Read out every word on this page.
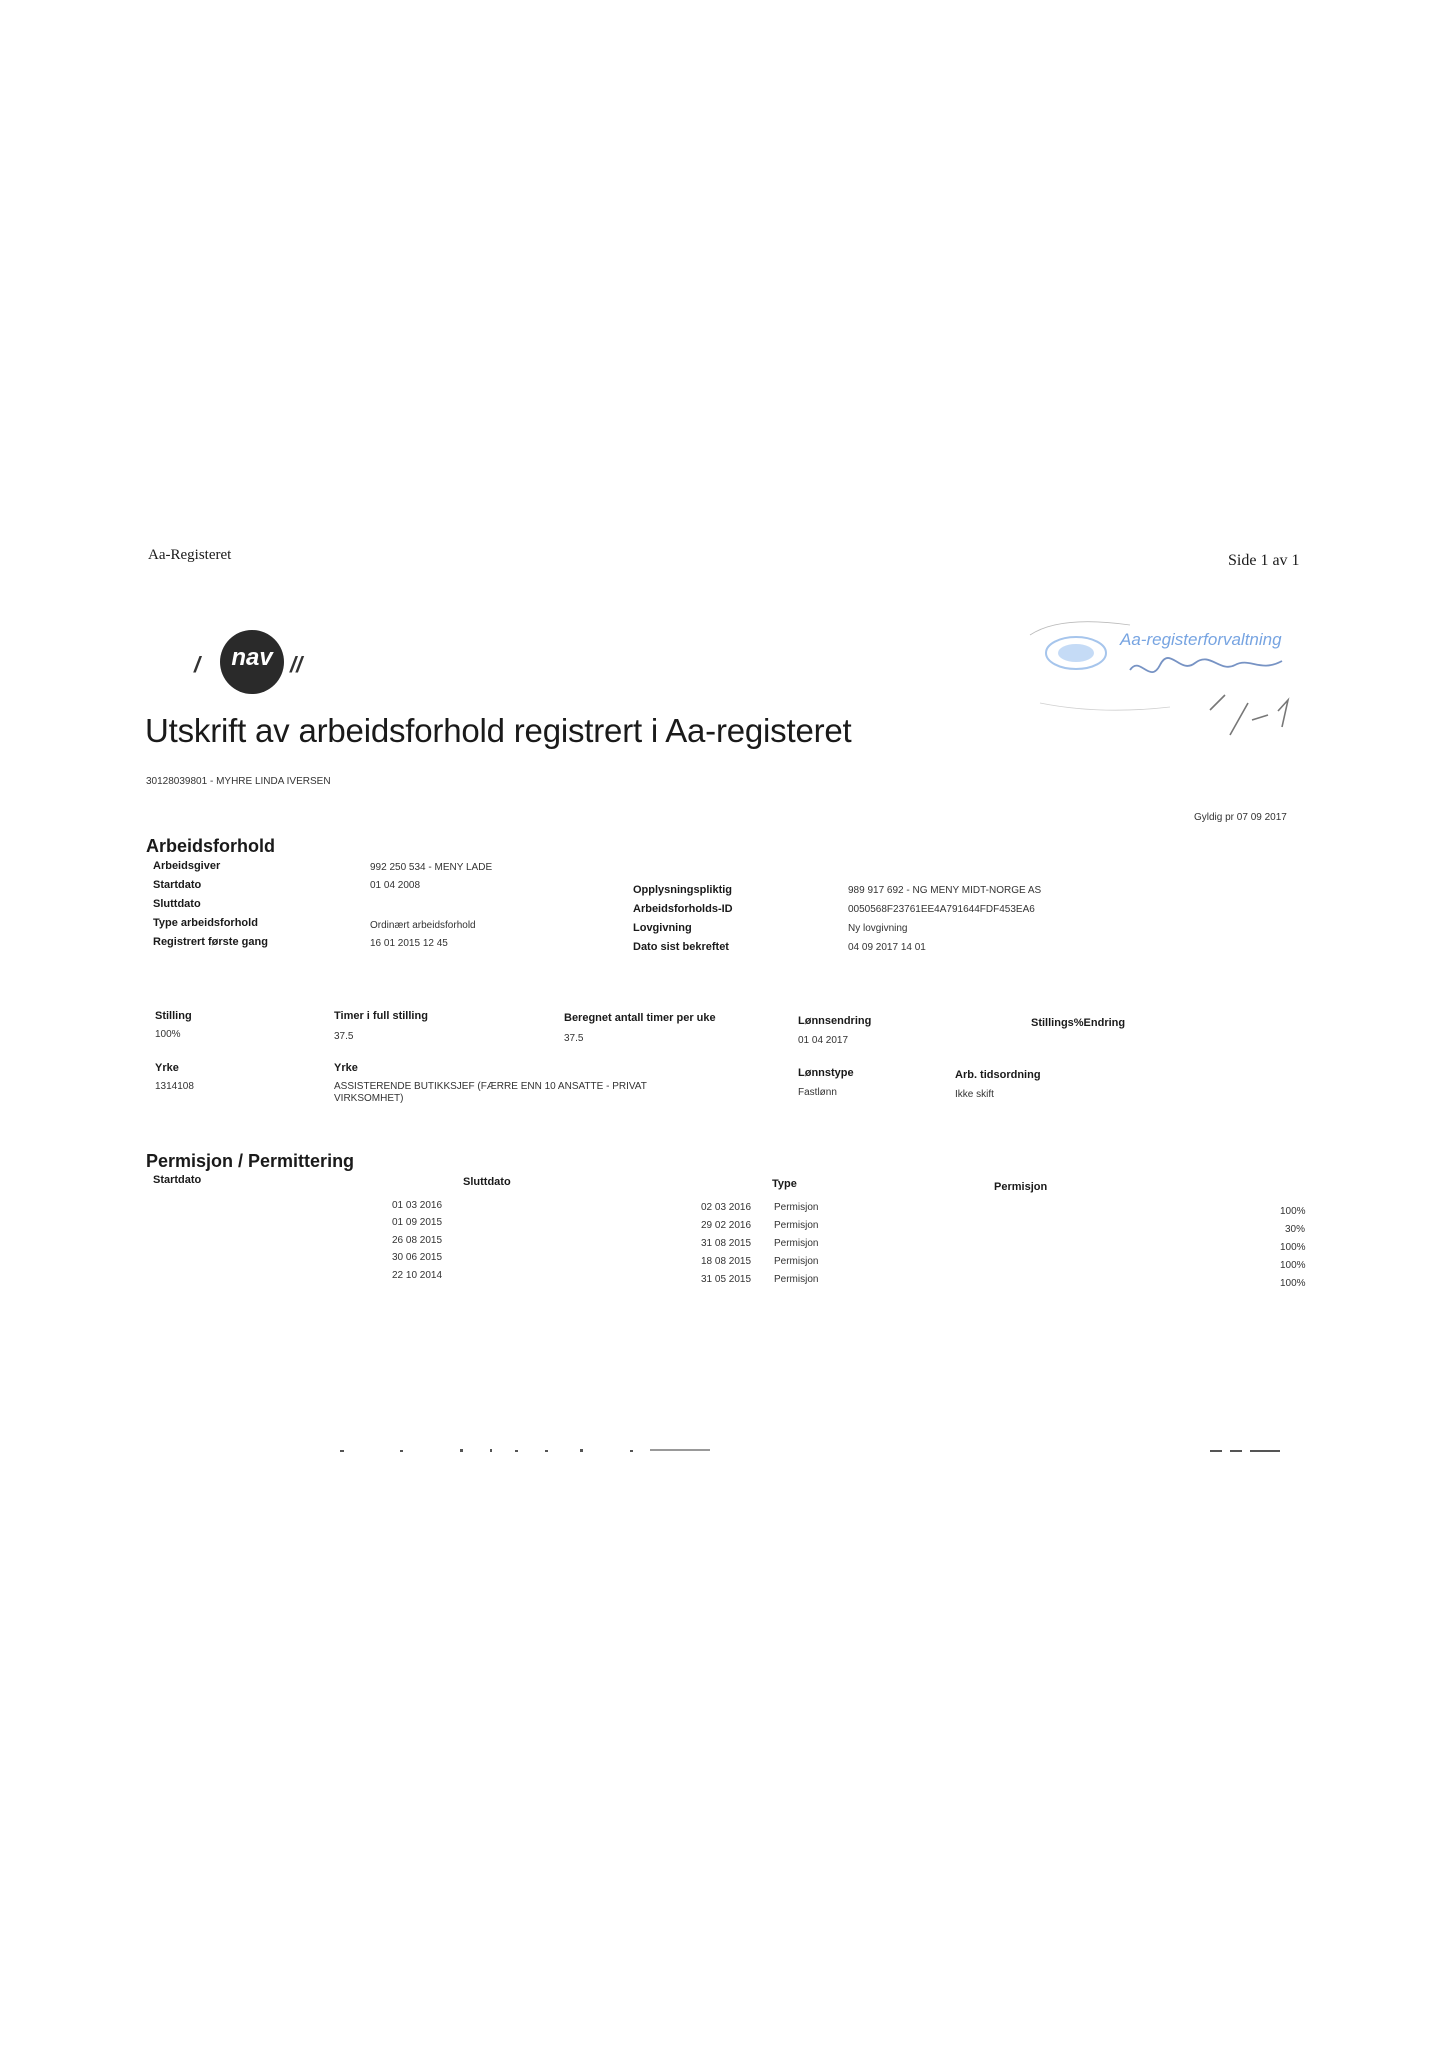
Aa-Registeret	Side 1 av 1
/	nav //
Aa-registerforvaltning
Utskrift av arbeidsforhold registrert i Aa-registeret
30128039801 - MYHRE LINDA IVERSEN
Gyldig pr 07 09 2017
Arbeidsforhold
Arbeidsgiver	992 250 534 - MENY LADE
Startdato	01 04 2008
Sluttdato
Type arbeidsforhold	Ordinært arbeidsforhold
Registrert første gang	16 01 2015 12 45
Opplysningspliktig	989 917 692 - NG MENY MIDT-NORGE AS
Arbeidsforholds-ID	0050568F23761EE4A791644FDF453EA6
Lovgivning	Ny lovgivning
Dato sist bekreftet	04 09 2017 14 01
Stilling	Timer i full stilling	Beregnet antall timer per uke	Lønnsendring	Stillings%Endring
100%	37.5	37.5	01 04 2017
Yrke
1314108
Yrke
ASSISTERENDE BUTIKKSJEF (FÆRRE ENN 10 ANSATTE - PRIVAT
VIRKSOMHET)
Lønnstype
Fastlønn
Arb. tidsordning
Ikke skift
Permisjon / Permittering
Startdato	Sluttdato	Type	Permisjon
01 03 2016	02 03 2016 Permisjon	100%
01 09 2015	29 02 2016 Permisjon	30%
26 08 2015	31 08 2015 Permisjon	100%
30 06 2015	18 08 2015 Permisjon	100%
22 10 2014	31 05 2015 Permisjon	100%
